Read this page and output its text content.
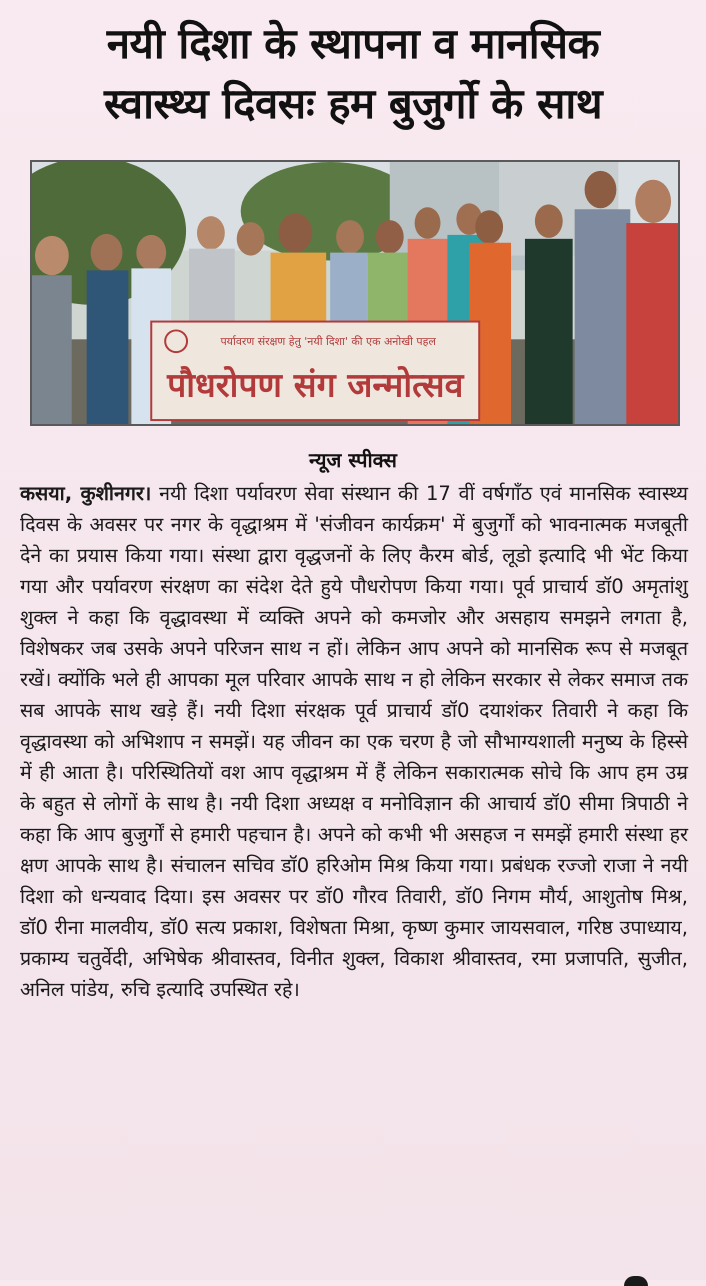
नयी दिशा के स्थापना व मानसिक
स्वास्थ्य दिवसः हम बुजुर्गो के साथ
पर्यावरण संरक्षण हेतु 'नयी दिशा' की एक अनोखी पहल
पौधरोपण संग जन्मोत्सव
न्यूज स्पीक्स

कसया, कुशीनगर। नयी दिशा पर्यावरण सेवा संस्थान की 17 वीं वर्षगाँठ एवं मानसिक स्वास्थ्य दिवस के अवसर पर नगर के वृद्धाश्रम में 'संजीवन कार्यक्रम' में बुजुर्गों को भावनात्मक मजबूती देने का प्रयास किया गया। संस्था द्वारा वृद्धजनों के लिए कैरम बोर्ड, लूडो इत्यादि भी भेंट किया गया और पर्यावरण संरक्षण का संदेश देते हुये पौधरोपण किया गया। पूर्व प्राचार्य डॉ0 अमृतांशु शुक्ल ने कहा कि वृद्धावस्था में व्यक्ति अपने को कमजोर और असहाय समझने लगता है, विशेषकर जब उसके अपने परिजन साथ न हों। लेकिन आप अपने को मानसिक रूप से मजबूत रखें। क्योंकि भले ही आपका मूल परिवार आपके साथ न हो लेकिन सरकार से लेकर समाज तक सब आपके साथ खड़े हैं। नयी दिशा संरक्षक पूर्व प्राचार्य डॉ0 दयाशंकर तिवारी ने कहा कि वृद्धावस्था को अभिशाप न समझें। यह जीवन का एक चरण है जो सौभाग्यशाली मनुष्य के हिस्से में ही आता है। परिस्थितियों वश आप वृद्धाश्रम में हैं लेकिन सकारात्मक सोचे कि आप हम उम्र के बहुत से लोगों के साथ है। नयी दिशा अध्यक्ष व मनोविज्ञान की आचार्य डॉ0 सीमा त्रिपाठी ने कहा कि आप बुजुर्गों से हमारी पहचान है। अपने को कभी भी असहज न समझें हमारी संस्था हर क्षण आपके साथ है। संचालन सचिव डॉ0 हरिओम मिश्र किया गया। प्रबंधक रज्जो राजा ने नयी दिशा को धन्यवाद दिया। इस अवसर पर डॉ0 गौरव तिवारी, डॉ0 निगम मौर्य, आशुतोष मिश्र, डॉ0 रीना मालवीय, डॉ0 सत्य प्रकाश, विशेषता मिश्रा, कृष्ण कुमार जायसवाल, गरिष्ठ उपाध्याय, प्रकाम्य चतुर्वेदी, अभिषेक श्रीवास्तव, विनीत शुक्ल, विकाश श्रीवास्तव, रमा प्रजापति, सुजीत, अनिल पांडेय, रुचि इत्यादि उपस्थित रहे।
